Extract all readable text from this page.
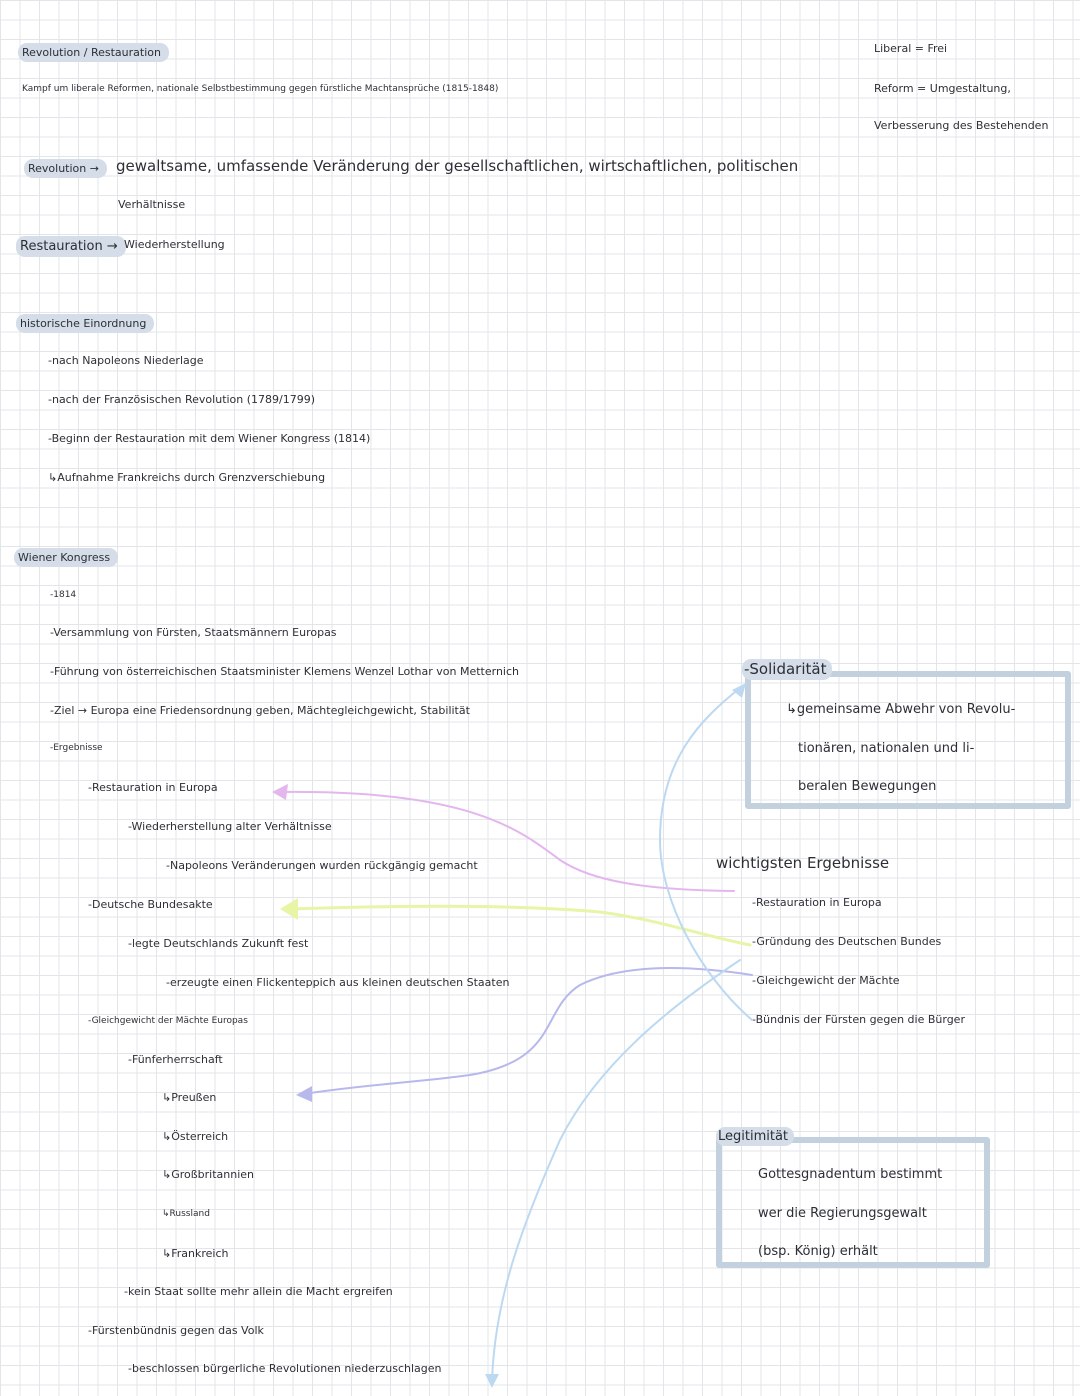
Revolution / Restauration
Kampf um liberale Reformen, nationale Selbstbestimmung gegen fürstliche Machtansprüche (1815-1848)
Liberal = Frei
Reform = Umgestaltung,
Verbesserung des Bestehenden
Revolution →	gewaltsame, umfassende Veränderung der gesellschaftlichen, wirtschaftlichen, politischen
Verhältnisse
Restauration → Wiederherstellung
historische Einordnung
-nach Napoleons Niederlage
-nach der Französischen Revolution (1789/1799)
-Beginn der Restauration mit dem Wiener Kongress (1814)
↳Aufnahme Frankreichs durch Grenzverschiebung
Wiener Kongress
-1814
-Versammlung von Fürsten, Staatsmännern Europas
-Führung von österreichischen Staatsminister Klemens Wenzel Lothar von Metternich
-Ziel → Europa eine Friedensordnung geben, Mächtegleichgewicht, Stabilität
-Ergebnisse
-Restauration in Europa
-Wiederherstellung alter Verhältnisse
-Napoleons Veränderungen wurden rückgängig gemacht
-Deutsche Bundesakte
-legte Deutschlands Zukunft fest
-erzeugte einen Flickenteppich aus kleinen deutschen Staaten
-Gleichgewicht der Mächte Europas
-Fünferherrschaft
↳Preußen
↳Österreich
↳Großbritannien
↳Russland
↳Frankreich
-kein Staat sollte mehr allein die Macht ergreifen
-Fürstenbündnis gegen das Volk
-beschlossen bürgerliche Revolutionen niederzuschlagen
-Solidarität
↳gemeinsame Abwehr von Revolu-
tionären, nationalen und li-
beralen Bewegungen
wichtigsten Ergebnisse
-Restauration in Europa
-Gründung des Deutschen Bundes
-Gleichgewicht der Mächte
-Bündnis der Fürsten gegen die Bürger
Legitimität
Gottesgnadentum bestimmt
wer die Regierungsgewalt
(bsp. König) erhält
